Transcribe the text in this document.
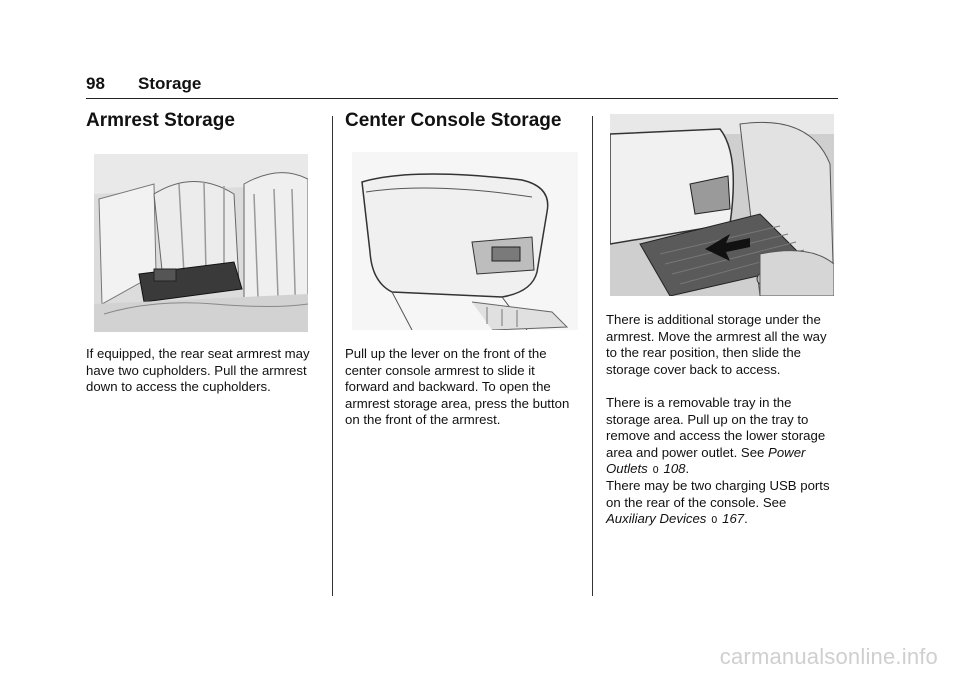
98 Storage
Armrest Storage

If equipped, the rear seat armrest may have two cupholders. Pull the armrest down to access the cupholders.

Center Console Storage

Pull up the lever on the front of the center console armrest to slide it forward and backward. To open the armrest storage area, press the button on the front of the armrest.

There is additional storage under the armrest. Move the armrest all the way to the rear position, then slide the storage cover back to access.

There is a removable tray in the storage area. Pull up on the tray to remove and access the lower storage area and power outlet. See Power Outlets 0 108.

There may be two charging USB ports on the rear of the console. See Auxiliary Devices 0 167.

carmanualsonline.info
